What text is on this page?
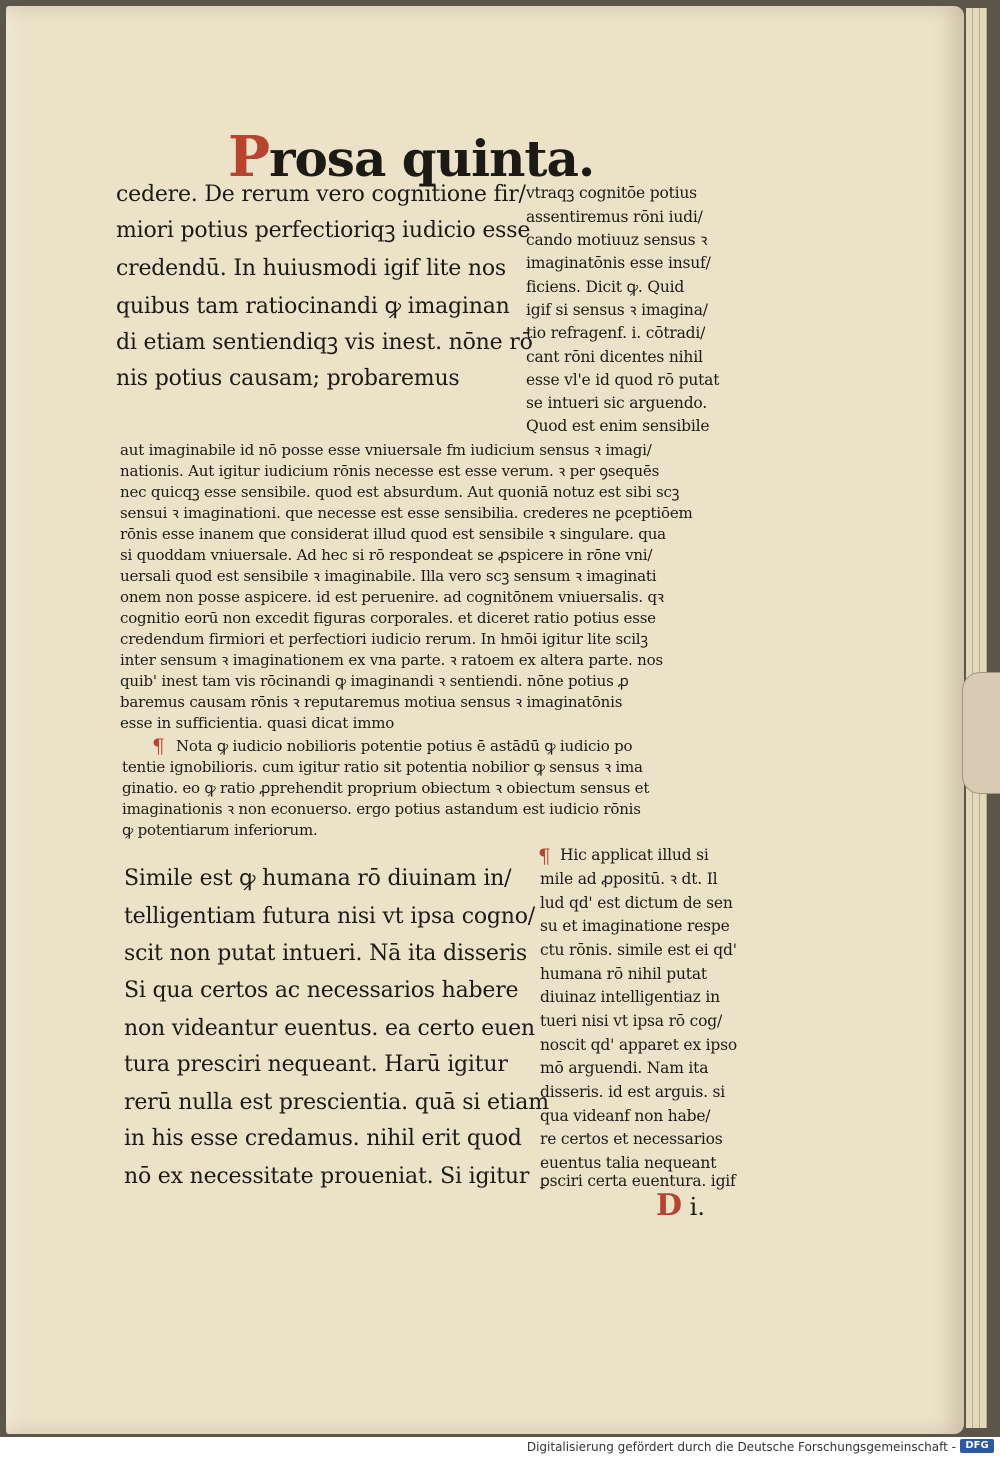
Prosa quinta.
cedere. De rerum vero cognitione fir/
miori potius perfectioriqꝫ iudicio esse
credendū. In huiusmodi igif lite nos
quibus tam ratiocinandi ꝙ imaginan
di etiam sentiendiqꝫ vis inest. nōne rō
nis potius causam; probaremus
vtraqꝫ cognitōe potius
assentiremus rōni iudi/
cando motiuuz sensus ꝛ
imaginatōnis esse insuf/
ficiens. Dicit ꝙ. Quid
igif si sensus ꝛ imagina/
tio refragenf. i. cōtradi/
cant rōni dicentes nihil
esse vl'e id quod rō putat
se intueri sic arguendo.
Quod est enim sensibile
aut imaginabile id nō posse esse vniuersale fm iudicium sensus ꝛ imagi/
nationis. Aut igitur iudicium rōnis necesse est esse verum. ꝛ per ꝯsequēs
nec quicqꝫ esse sensibile. quod est absurdum. Aut quoniā notuz est sibi scꝫ
sensui ꝛ imaginationi. que necesse est esse sensibilia. crederes ne ꝑceptiōem
rōnis esse inanem que considerat illud quod est sensibile ꝛ singulare. qua
si quoddam vniuersale. Ad hec si rō respondeat se ꝓspicere in rōne vni/
uersali quod est sensibile ꝛ imaginabile. Illa vero scꝫ sensum ꝛ imaginati
onem non posse aspicere. id est peruenire. ad cognitōnem vniuersalis. qꝛ
cognitio eorū non excedit figuras corporales. et diceret ratio potius esse
credendum firmiori et perfectiori iudicio rerum. In hmōi igitur lite scilꝫ
inter sensum ꝛ imaginationem ex vna parte. ꝛ ratoem ex altera parte. nos
quib' inest tam vis rōcinandi ꝙ imaginandi ꝛ sentiendi. nōne potius ꝓ
baremus causam rōnis ꝛ reputaremus motiua sensus ꝛ imaginatōnis
esse in sufficientia. quasi dicat immo
¶ Nota ꝙ iudicio nobilioris potentie potius ē astādū ꝙ iudicio po
tentie ignobilioris. cum igitur ratio sit potentia nobilior ꝙ sensus ꝛ ima
ginatio. eo ꝙ ratio ꝓprehendit proprium obiectum ꝛ obiectum sensus et
imaginationis ꝛ non econuerso. ergo potius astandum est iudicio rōnis
ꝙ potentiarum inferiorum.
Simile est ꝙ humana rō diuinam in/
telligentiam futura nisi vt ipsa cogno/
scit non putat intueri. Nā ita disseris
Si qua certos ac necessarios habere
non videantur euentus. ea certo euen
tura presciri nequeant. Harū igitur
rerū nulla est prescientia. quā si etiam
in his esse credamus. nihil erit quod
nō ex necessitate proueniat. Si igitur
¶ Hic applicat illud si
mile ad ꝓpositū. ꝛ dt. Il
lud qd' est dictum de sen
su et imaginatione respe
ctu rōnis. simile est ei qd'
humana rō nihil putat
diuinaz intelligentiaz in
tueri nisi vt ipsa rō cog/
noscit qd' apparet ex ipso
mō arguendi. Nam ita
disseris. id est arguis. si
qua videanf non habe/
re certos et necessarios
euentus talia nequeant
ꝑsciri certa euentura. igif
D i.
Digitalisierung gefördert durch die Deutsche Forschungsgemeinschaft - DFG
